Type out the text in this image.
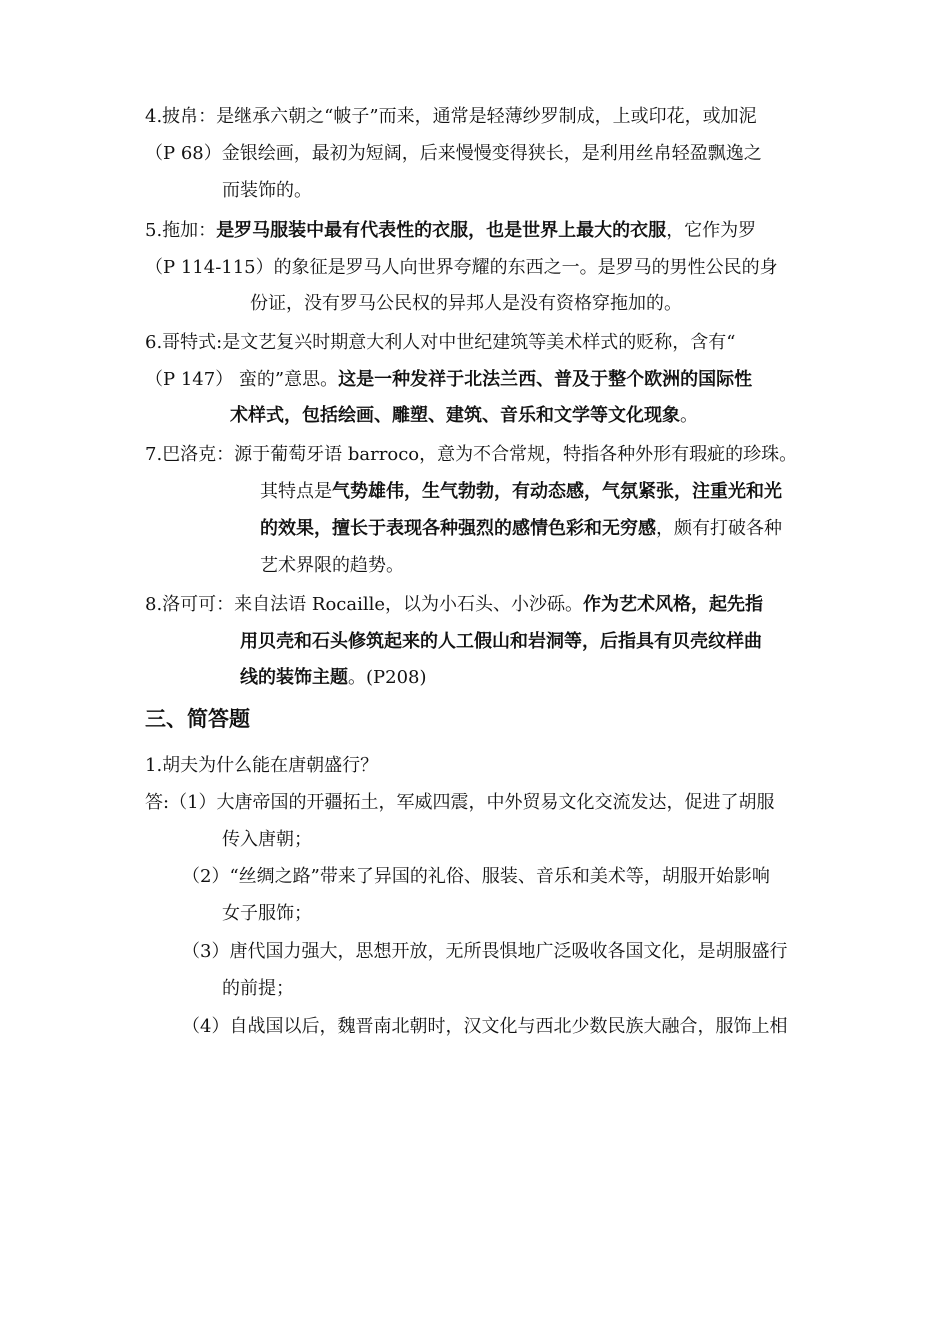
4.披帛：是继承六朝之“帔子”而来，通常是轻薄纱罗制成，上或印花，或加泥
（P 68）金银绘画，最初为短阔，后来慢慢变得狭长，是利用丝帛轻盈飘逸之
而装饰的。
5.拖加：是罗马服装中最有代表性的衣服，也是世界上最大的衣服，它作为罗
（P 114-115）的象征是罗马人向世界夸耀的东西之一。是罗马的男性公民的身
份证，没有罗马公民权的异邦人是没有资格穿拖加的。
6.哥特式:是文艺复兴时期意大利人对中世纪建筑等美术样式的贬称，含有“
（P 147） 蛮的”意思。这是一种发祥于北法兰西、普及于整个欧洲的国际性
术样式，包括绘画、雕塑、建筑、音乐和文学等文化现象。
7.巴洛克：源于葡萄牙语 barroco，意为不合常规，特指各种外形有瑕疵的珍珠。
其特点是气势雄伟，生气勃勃，有动态感，气氛紧张，注重光和光
的效果，擅长于表现各种强烈的感情色彩和无穷感，颇有打破各种
艺术界限的趋势。
8.洛可可：来自法语 Rocaille，以为小石头、小沙砾。作为艺术风格，起先指
用贝壳和石头修筑起来的人工假山和岩洞等，后指具有贝壳纹样曲
线的装饰主题。(P208)
三、简答题
1.胡夫为什么能在唐朝盛行？
答:（1）大唐帝国的开疆拓土，军威四震，中外贸易文化交流发达，促进了胡服
传入唐朝；
（2）“丝绸之路”带来了异国的礼俗、服装、音乐和美术等，胡服开始影响
女子服饰；
（3）唐代国力强大，思想开放，无所畏惧地广泛吸收各国文化，是胡服盛行
的前提；
（4）自战国以后，魏晋南北朝时，汉文化与西北少数民族大融合，服饰上相
